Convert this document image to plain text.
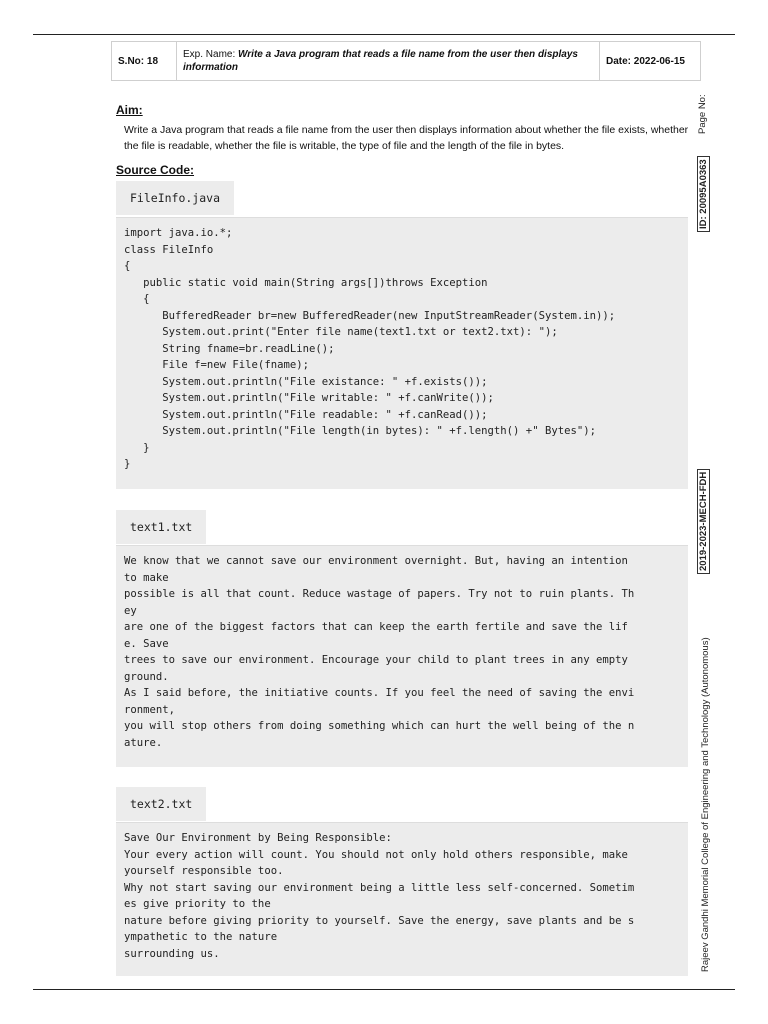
S.No: 18	Exp. Name: Write a Java program that reads a file name from the user then displays information	Date: 2022-06-15
Aim:
Write a Java program that reads a file name from the user then displays information about whether the file exists, whether the file is readable, whether the file is writable, the type of file and the length of the file in bytes.
Source Code:
FileInfo.java
import java.io.*;
class FileInfo
{
public static void main(String args[])throws Exception
{
BufferedReader br=new BufferedReader(new InputStreamReader(System.in));
System.out.print("Enter file name(text1.txt or text2.txt): ");
String fname=br.readLine();
File f=new File(fname);
System.out.println("File existance: " +f.exists());
System.out.println("File writable: " +f.canWrite());
System.out.println("File readable: " +f.canRead());
System.out.println("File length(in bytes): " +f.length() +" Bytes");
}
}
text1.txt
We know that we cannot save our environment overnight. But, having an intention
to make
possible is all that count. Reduce wastage of papers. Try not to ruin plants. Th
ey
are one of the biggest factors that can keep the earth fertile and save the lif
e. Save
trees to save our environment. Encourage your child to plant trees in any empty
ground.
As I said before, the initiative counts. If you feel the need of saving the envi
ronment,
you will stop others from doing something which can hurt the well being of the n
ature.
text2.txt
Save Our Environment by Being Responsible:
Your every action will count. You should not only hold others responsible, make
yourself responsible too.
Why not start saving our environment being a little less self-concerned. Sometim
es give priority to the
nature before giving priority to yourself. Save the energy, save plants and be s
ympathetic to the nature
surrounding us.
Page No:
ID: 20095A0363
2019-2023-MECH-FDH
Rajeev Gandhi Memorial College of Engineering and Technology (Autonomous)
